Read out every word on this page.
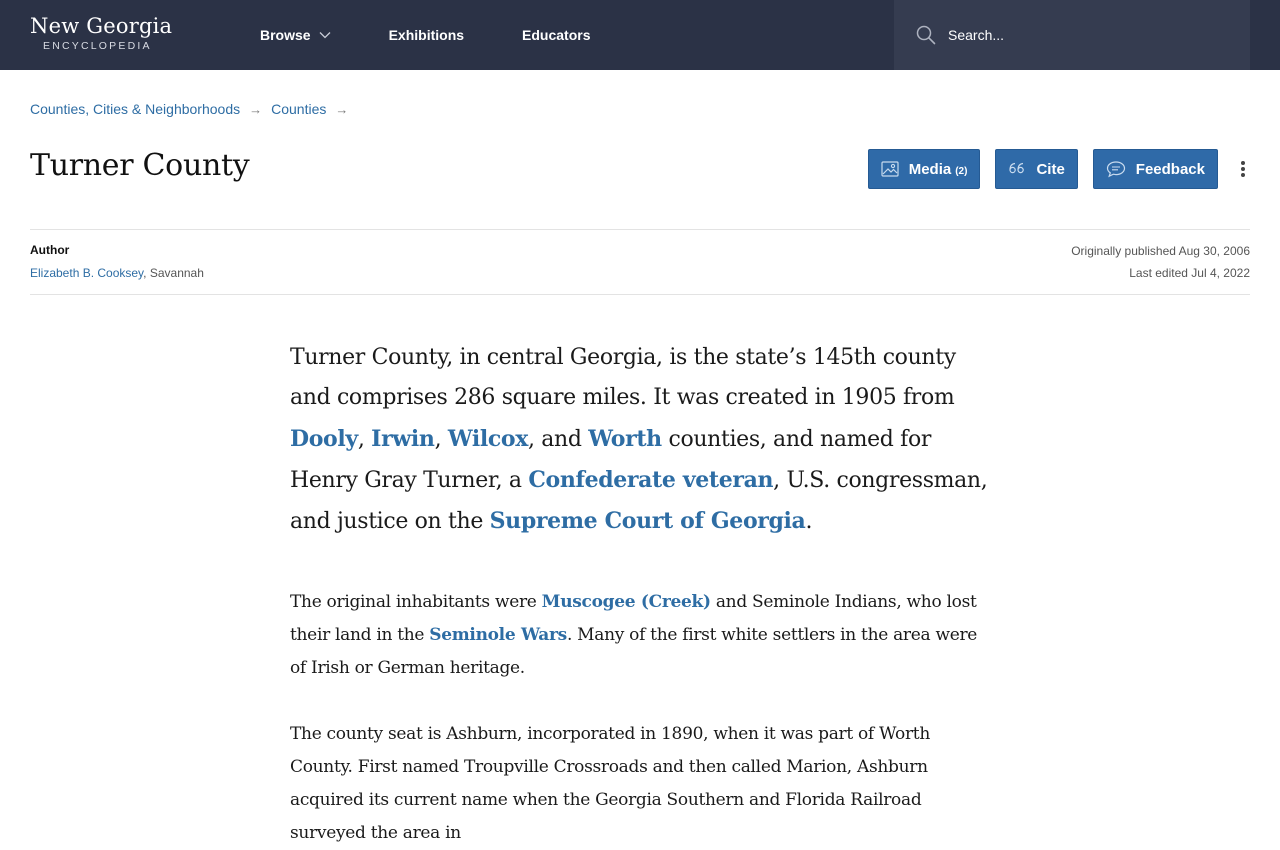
New Georgia
ENCYCLOPEDIA
Browse	Exhibitions	Educators
Search...
Counties, Cities & Neighborhoods → Counties →
Turner County	Media (2)	Cite	Feedback
Author
Elizabeth B. Cooksey, Savannah
Originally published Aug 30, 2006
Last edited Jul 4, 2022

Turner County, in central Georgia, is the state’s 145th county and comprises 286 square miles. It was created in 1905 from Dooly, Irwin, Wilcox, and Worth counties, and named for Henry Gray Turner, a Confederate veteran, U.S. congressman, and justice on the Supreme Court of Georgia.

The original inhabitants were Muscogee (Creek) and Seminole Indians, who lost their land in the Seminole Wars. Many of the first white settlers in the area were of Irish or German heritage.

The county seat is Ashburn, incorporated in 1890, when it was part of Worth County. First named Troupville Crossroads and then called Marion, Ashburn acquired its current name when the Georgia Southern and Florida Railroad surveyed the area in
